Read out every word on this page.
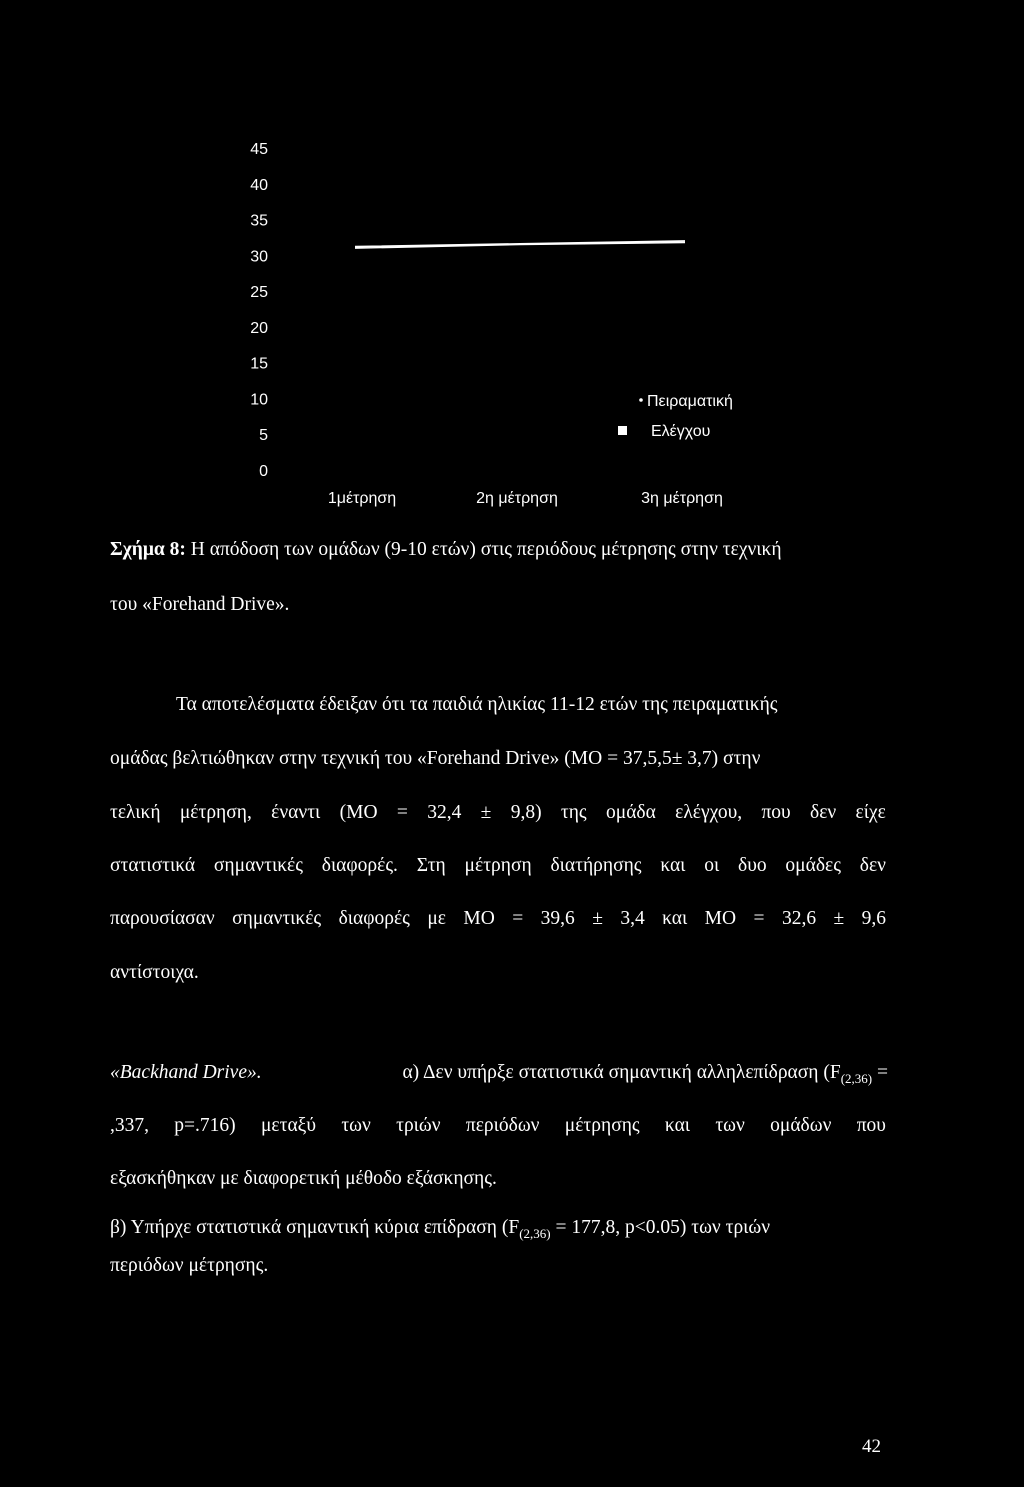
45
40
35
30
25
20
15
10
5
0
1μέτρηση	2η μέτρηση	3η μέτρηση
Πειραματική
Ελέγχου
Σχήμα 8: Η απόδοση των ομάδων (9-10 ετών) στις περιόδους μέτρησης στην τεχνική
του «Forehand Drive».
Τα αποτελέσματα έδειξαν ότι τα παιδιά ηλικίας 11-12 ετών της πειραματικής
ομάδας βελτιώθηκαν στην τεχνική του «Forehand Drive» (ΜΟ = 37,5,5± 3,7) στην
τελική μέτρηση, έναντι (ΜΟ = 32,4 ± 9,8) της ομάδα ελέγχου, που δεν είχε
στατιστικά σημαντικές διαφορές. Στη μέτρηση διατήρησης και οι δυο ομάδες δεν
παρουσίασαν σημαντικές διαφορές με ΜΟ = 39,6 ± 3,4 και ΜΟ = 32,6 ± 9,6
αντίστοιχα.
«Backhand Drive».	α) Δεν υπήρξε στατιστικά σημαντική αλληλεπίδραση ($F_{(2,36)}$ =
,337, p=.716) μεταξύ των τριών περιόδων μέτρησης και των ομάδων που
εξασκήθηκαν με διαφορετική μέθοδο εξάσκησης.
β) Υπήρχε στατιστικά σημαντική κύρια επίδραση ($F_{(2,36)} = 177,8$, p<0.05) των τριών
περιόδων μέτρησης.
42
